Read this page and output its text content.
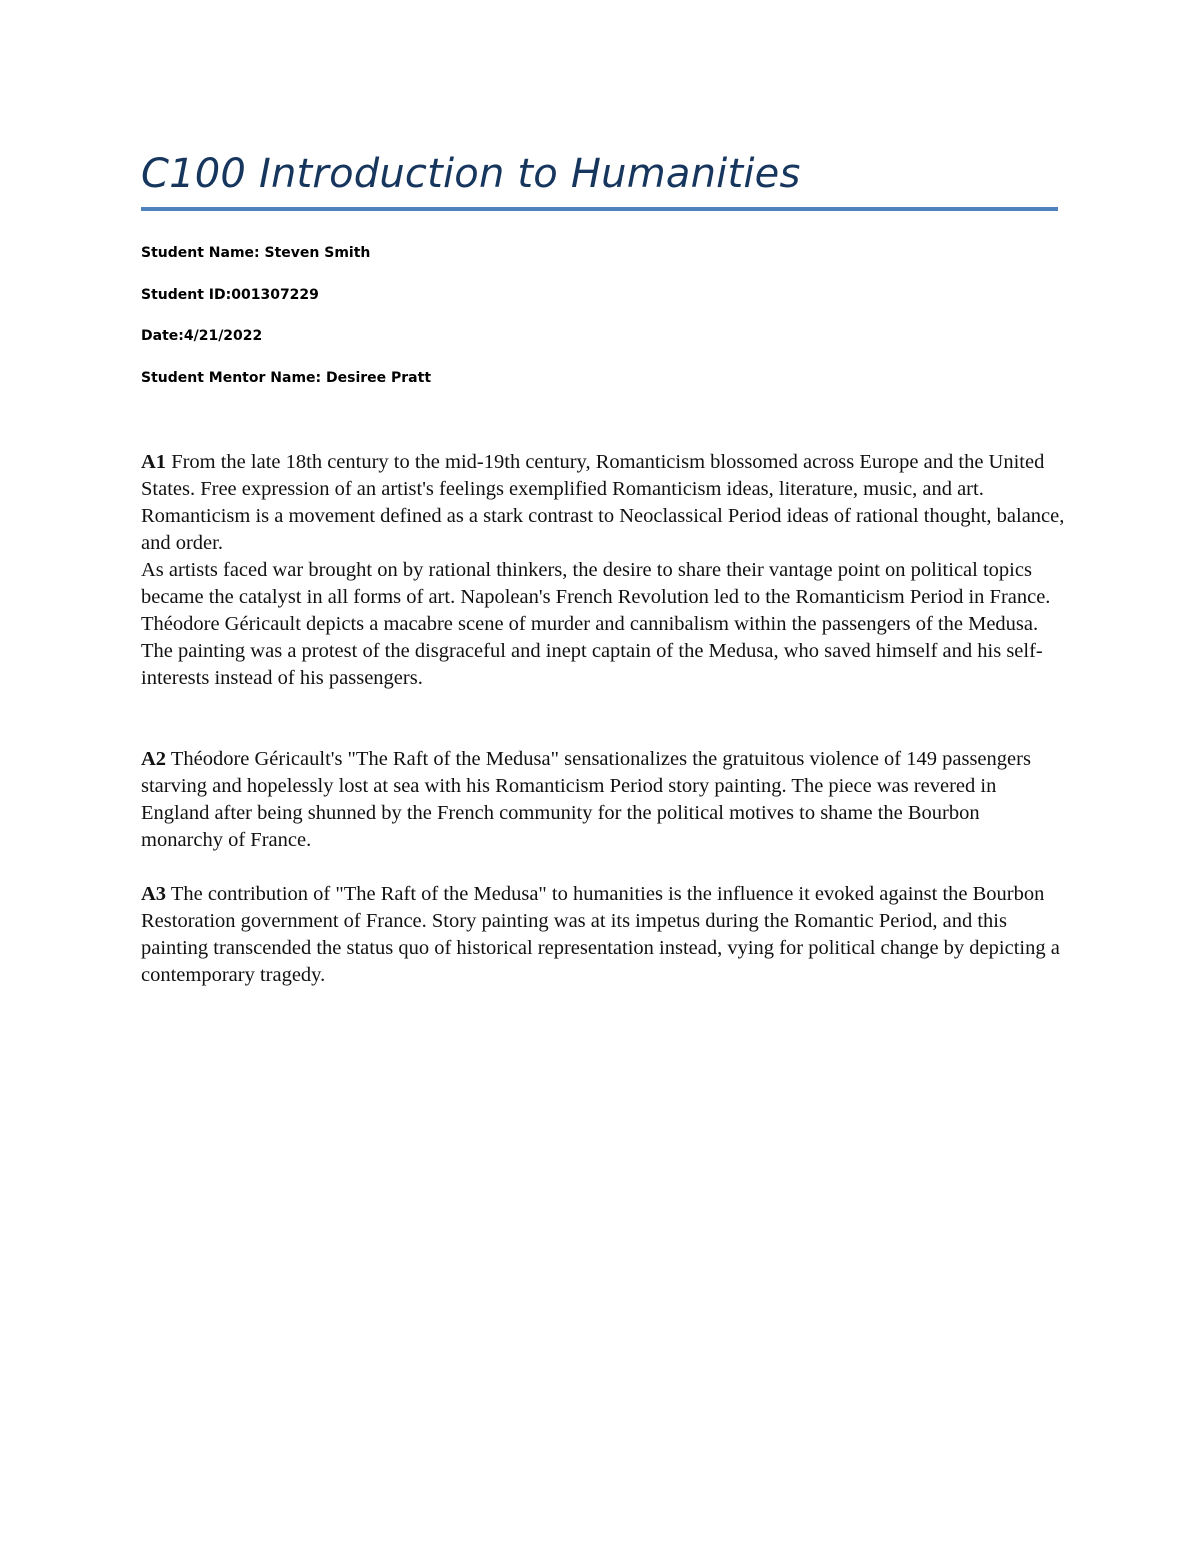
C100 Introduction to Humanities
Student Name: Steven Smith
Student ID:001307229
Date:4/21/2022
Student Mentor Name: Desiree Pratt

A1 From the late 18th century to the mid-19th century, Romanticism blossomed across Europe and the United States. Free expression of an artist's feelings exemplified Romanticism ideas, literature, music, and art. Romanticism is a movement defined as a stark contrast to Neoclassical Period ideas of rational thought, balance, and order.

As artists faced war brought on by rational thinkers, the desire to share their vantage point on political topics became the catalyst in all forms of art. Napolean's French Revolution led to the Romanticism Period in France. Théodore Géricault depicts a macabre scene of murder and cannibalism within the passengers of the Medusa. The painting was a protest of the disgraceful and inept captain of the Medusa, who saved himself and his self-interests instead of his passengers.

A2 Théodore Géricault's "The Raft of the Medusa" sensationalizes the gratuitous violence of 149 passengers starving and hopelessly lost at sea with his Romanticism Period story painting. The piece was revered in England after being shunned by the French community for the political motives to shame the Bourbon monarchy of France.

A3 The contribution of "The Raft of the Medusa" to humanities is the influence it evoked against the Bourbon Restoration government of France. Story painting was at its impetus during the Romantic Period, and this painting transcended the status quo of historical representation instead, vying for political change by depicting a contemporary tragedy.
